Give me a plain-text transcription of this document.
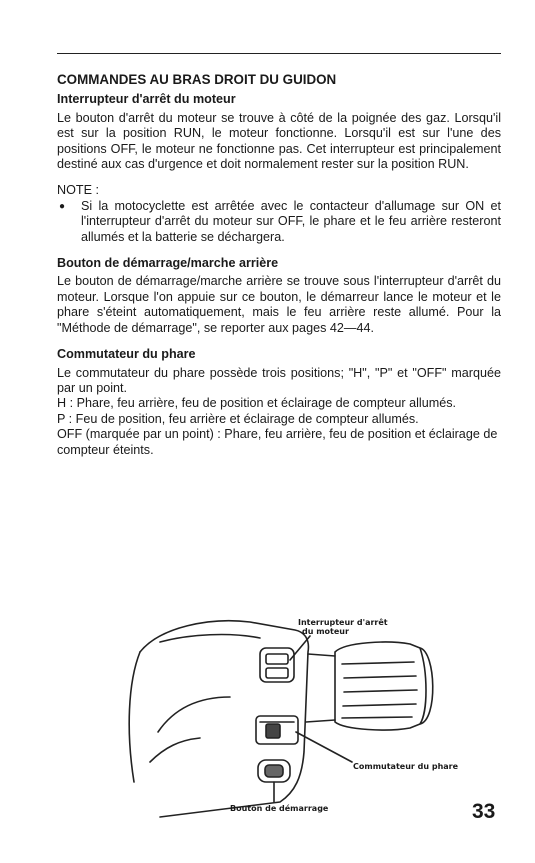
COMMANDES AU BRAS DROIT DU GUIDON
Interrupteur d'arrêt du moteur

Le bouton d'arrêt du moteur se trouve à côté de la poignée des gaz. Lorsqu'il est sur la position RUN, le moteur fonctionne. Lorsqu'il est sur l'une des positions OFF, le moteur ne fonctionne pas. Cet interrupteur est principalement destiné aux cas d'urgence et doit normalement rester sur la position RUN.

NOTE :

●	Si la motocyclette est arrêtée avec le contacteur d'allumage sur ON et l'interrupteur d'arrêt du moteur sur OFF, le phare et le feu arrière resteront allumés et la batterie se déchargera.
Bouton de démarrage/marche arrière

Le bouton de démarrage/marche arrière se trouve sous l'interrupteur d'arrêt du moteur. Lorsque l'on appuie sur ce bouton, le démarreur lance le moteur et le phare s'éteint automatiquement, mais le feu arrière reste allumé. Pour la "Méthode de démarrage", se reporter aux pages 42—44.

Commutateur du phare

Le commutateur du phare possède trois positions; "H", "P" et "OFF" marquée par un point.

H : Phare, feu arrière, feu de position et éclairage de compteur allumés.
P : Feu de position, feu arrière et éclairage de compteur allumés.
OFF (marquée par un point) : Phare, feu arrière, feu de position et éclairage de compteur éteints.
Interrupteur d'arrêt
du moteur
Commutateur du phare
Bouton de démarrage	33
